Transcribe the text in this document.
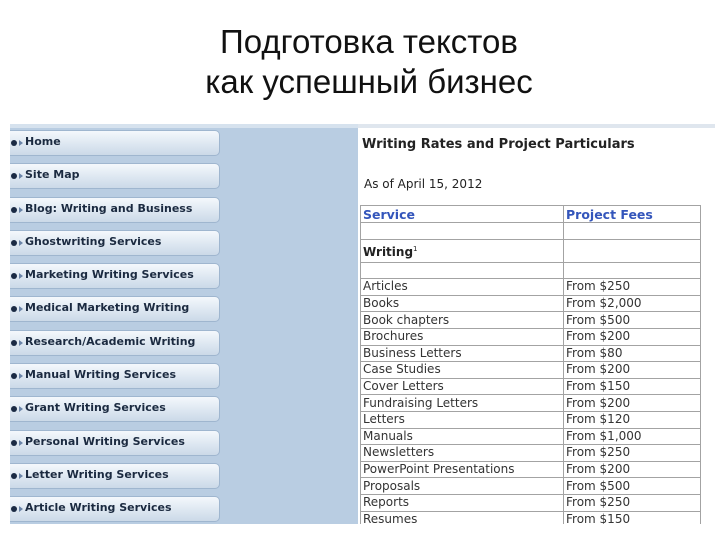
Подготовка текстов
как успешный бизнес
Home
Site Map
Blog: Writing and Business
Ghostwriting Services
Marketing Writing Services
Medical Marketing Writing
Research/Academic Writing
Manual Writing Services
Grant Writing Services
Personal Writing Services
Letter Writing Services
Article Writing Services
Writing Rates and Project Particulars
As of April 15, 2012
Service	Project Fees

Writing$^1$	

Articles	From $250
Books	From $2,000
Book chapters	From $500
Brochures	From $200
Business Letters	From $80
Case Studies	From $200
Cover Letters	From $150
Fundraising Letters	From $200
Letters	From $120
Manuals	From $1,000
Newsletters	From $250
PowerPoint Presentations	From $200
Proposals	From $500
Reports	From $250
Resumes	From $150
